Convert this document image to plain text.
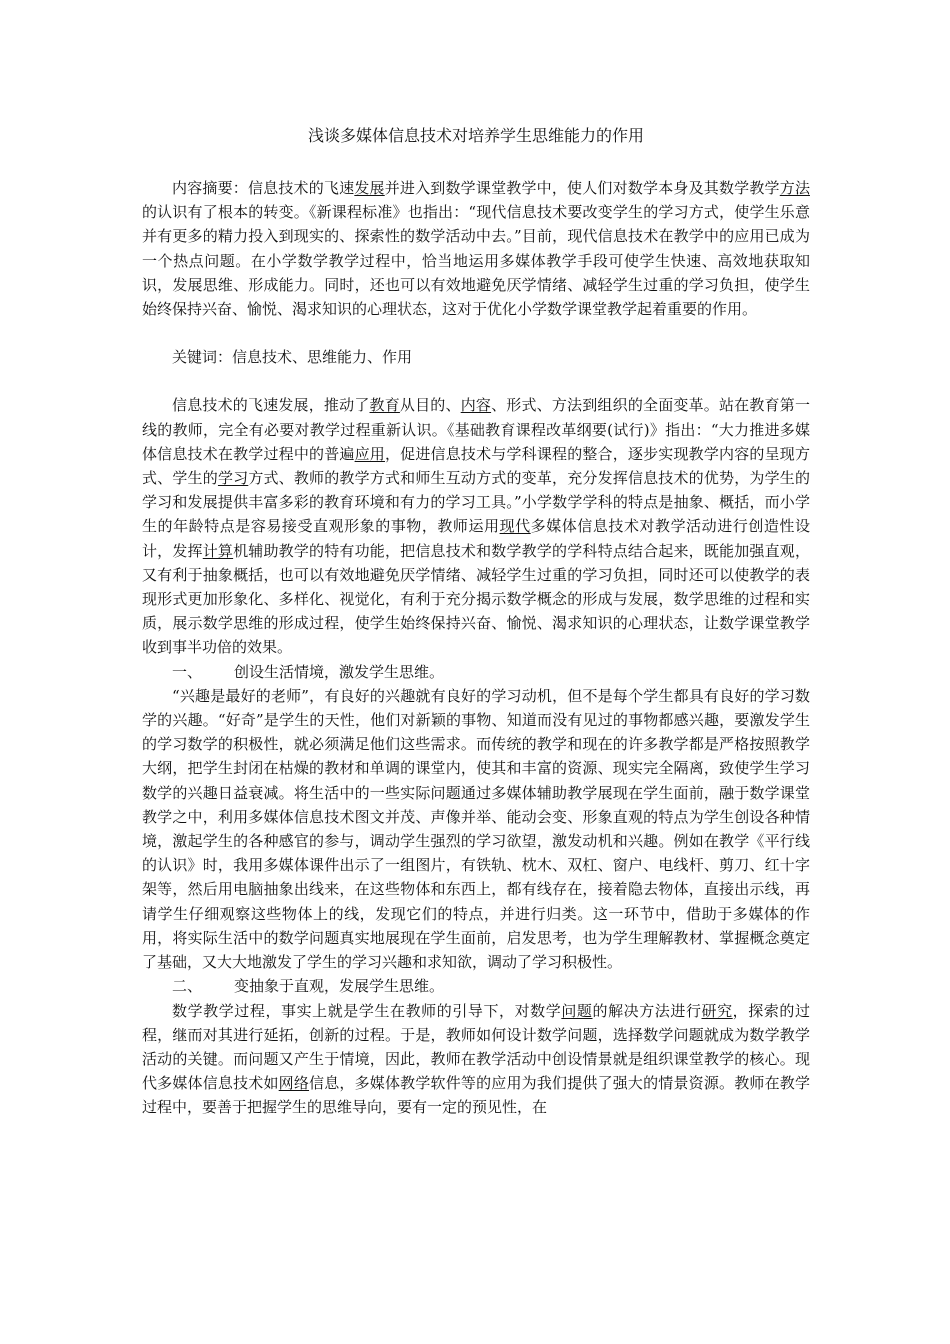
浅谈多媒体信息技术对培养学生思维能力的作用

内容摘要：信息技术的飞速发展并进入到数学课堂教学中，使人们对数学本身及其数学教学方法的认识有了根本的转变。《新课程标准》也指出：“现代信息技术要改变学生的学习方式，使学生乐意并有更多的精力投入到现实的、探索性的数学活动中去。”目前，现代信息技术在教学中的应用已成为一个热点问题。在小学数学教学过程中，恰当地运用多媒体教学手段可使学生快速、高效地获取知识，发展思维、形成能力。同时，还也可以有效地避免厌学情绪、减轻学生过重的学习负担，使学生始终保持兴奋、愉悦、渴求知识的心理状态，这对于优化小学数学课堂教学起着重要的作用。

关键词：信息技术、思维能力、作用

信息技术的飞速发展，推动了教育从目的、内容、形式、方法到组织的全面变革。站在教育第一线的教师，完全有必要对教学过程重新认识。《基础教育课程改革纲要(试行)》指出：“大力推进多媒体信息技术在教学过程中的普遍应用，促进信息技术与学科课程的整合，逐步实现教学内容的呈现方式、学生的学习方式、教师的教学方式和师生互动方式的变革，充分发挥信息技术的优势，为学生的学习和发展提供丰富多彩的教育环境和有力的学习工具。”小学数学学科的特点是抽象、概括，而小学生的年龄特点是容易接受直观形象的事物，教师运用现代多媒体信息技术对教学活动进行创造性设计，发挥计算机辅助教学的特有功能，把信息技术和数学教学的学科特点结合起来，既能加强直观，又有利于抽象概括，也可以有效地避免厌学情绪、减轻学生过重的学习负担，同时还可以使教学的表现形式更加形象化、多样化、视觉化，有利于充分揭示数学概念的形成与发展，数学思维的过程和实质，展示数学思维的形成过程，使学生始终保持兴奋、愉悦、渴求知识的心理状态，让数学课堂教学收到事半功倍的效果。

一、 创设生活情境，激发学生思维。

“兴趣是最好的老师”，有良好的兴趣就有良好的学习动机，但不是每个学生都具有良好的学习数学的兴趣。“好奇”是学生的天性，他们对新颖的事物、知道而没有见过的事物都感兴趣，要激发学生的学习数学的积极性，就必须满足他们这些需求。而传统的教学和现在的许多教学都是严格按照教学大纲，把学生封闭在枯燥的教材和单调的课堂内，使其和丰富的资源、现实完全隔离，致使学生学习数学的兴趣日益衰减。将生活中的一些实际问题通过多媒体辅助教学展现在学生面前，融于数学课堂教学之中，利用多媒体信息技术图文并茂、声像并举、能动会变、形象直观的特点为学生创设各种情境，激起学生的各种感官的参与，调动学生强烈的学习欲望，激发动机和兴趣。例如在教学《平行线的认识》时，我用多媒体课件出示了一组图片，有铁轨、枕木、双杠、窗户、电线杆、剪刀、红十字架等，然后用电脑抽象出线来，在这些物体和东西上，都有线存在，接着隐去物体，直接出示线，再请学生仔细观察这些物体上的线，发现它们的特点，并进行归类。这一环节中，借助于多媒体的作用，将实际生活中的数学问题真实地展现在学生面前，启发思考，也为学生理解教材、掌握概念奠定了基础，又大大地激发了学生的学习兴趣和求知欲，调动了学习积极性。

二、 变抽象于直观，发展学生思维。

数学教学过程，事实上就是学生在教师的引导下，对数学问题的解决方法进行研究，探索的过程，继而对其进行延拓，创新的过程。于是，教师如何设计数学问题，选择数学问题就成为数学教学活动的关键。而问题又产生于情境，因此，教师在教学活动中创设情景就是组织课堂教学的核心。现代多媒体信息技术如网络信息，多媒体教学软件等的应用为我们提供了强大的情景资源。教师在教学过程中，要善于把握学生的思维导向，要有一定的预见性，在
